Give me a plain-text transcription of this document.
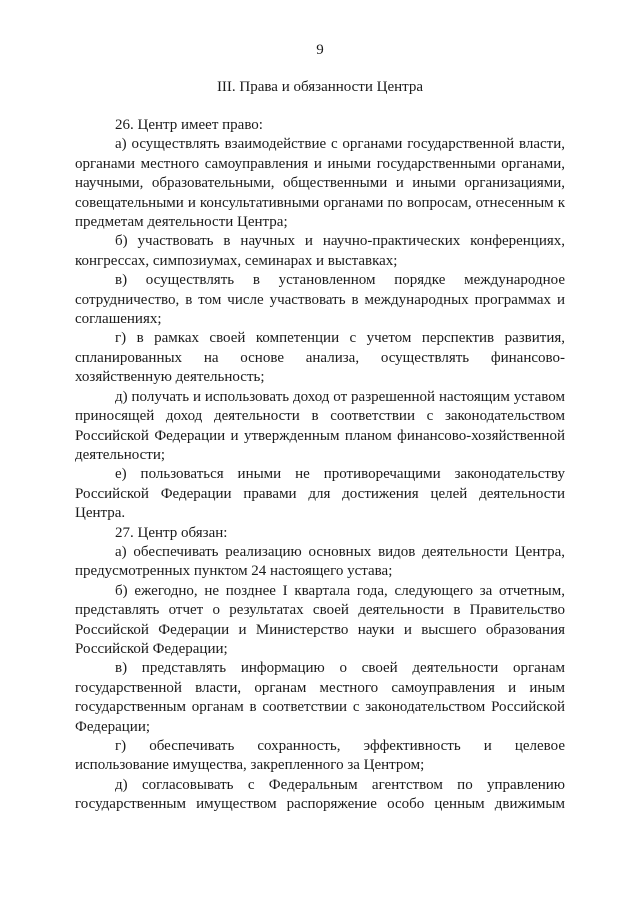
9
III. Права и обязанности Центра

26. Центр имеет право:

а) осуществлять взаимодействие с органами государственной власти, органами местного самоуправления и иными государственными органами, научными, образовательными, общественными и иными организациями, совещательными и консультативными органами по вопросам, отнесенным к предметам деятельности Центра;

б) участвовать в научных и научно-практических конференциях, конгрессах, симпозиумах, семинарах и выставках;

в) осуществлять в установленном порядке международное сотрудничество, в том числе участвовать в международных программах и соглашениях;

г) в рамках своей компетенции с учетом перспектив развития, спланированных на основе анализа, осуществлять финансово-хозяйственную деятельность;

д) получать и использовать доход от разрешенной настоящим уставом приносящей доход деятельности в соответствии с законодательством Российской Федерации и утвержденным планом финансово-хозяйственной деятельности;

е) пользоваться иными не противоречащими законодательству Российской Федерации правами для достижения целей деятельности Центра.

27. Центр обязан:

а) обеспечивать реализацию основных видов деятельности Центра, предусмотренных пунктом 24 настоящего устава;

б) ежегодно, не позднее I квартала года, следующего за отчетным, представлять отчет о результатах своей деятельности в Правительство Российской Федерации и Министерство науки и высшего образования Российской Федерации;

в) представлять информацию о своей деятельности органам государственной власти, органам местного самоуправления и иным государственным органам в соответствии с законодательством Российской Федерации;

г) обеспечивать сохранность, эффективность и целевое использование имущества, закрепленного за Центром;

д) согласовывать с Федеральным агентством по управлению государственным имуществом распоряжение особо ценным движимым
